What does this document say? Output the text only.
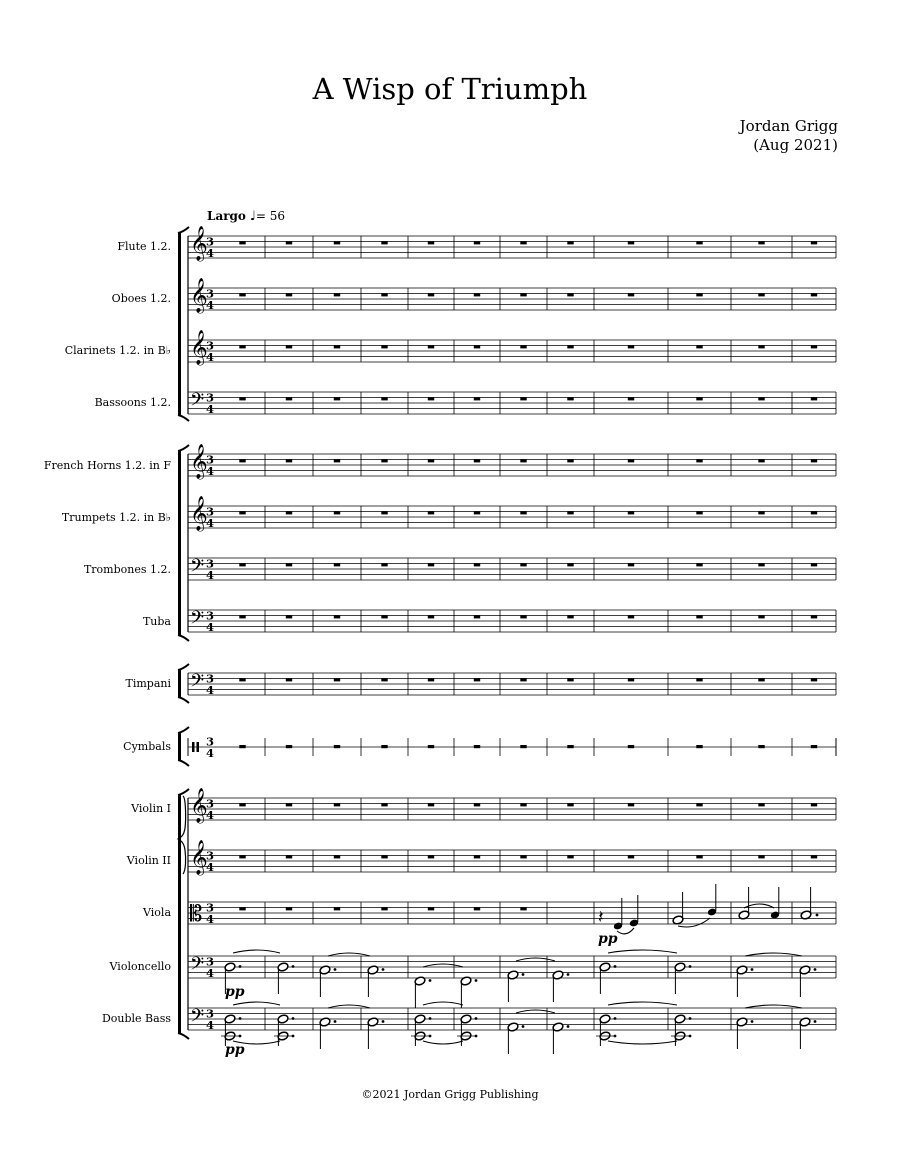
A Wisp of Triumph
Jordan Grigg
(Aug 2021)
Largo ♩= 56
Flute 1.2.
Oboes 1.2.
Clarinets 1.2. in B♭
Bassoons 1.2.
French Horns 1.2. in F
Trumpets 1.2. in B♭
Trombones 1.2.
Tuba
Timpani
Cymbals
Violin I
Violin II
Viola
Violoncello
Double Bass
𝄞
3
4
𝄞
3
4
𝄞
3
4
𝄢 3
4
𝄞
3
4
𝄞
3
4
𝄢 3
4
𝄢 3
4
𝄢 3
4
3
4
𝄞
3
4
𝄞
3
4
𝄡 3
4
𝄢 3
4
𝄢 3
4
𝄽
pp
pp
pp
©2021 Jordan Grigg Publishing
